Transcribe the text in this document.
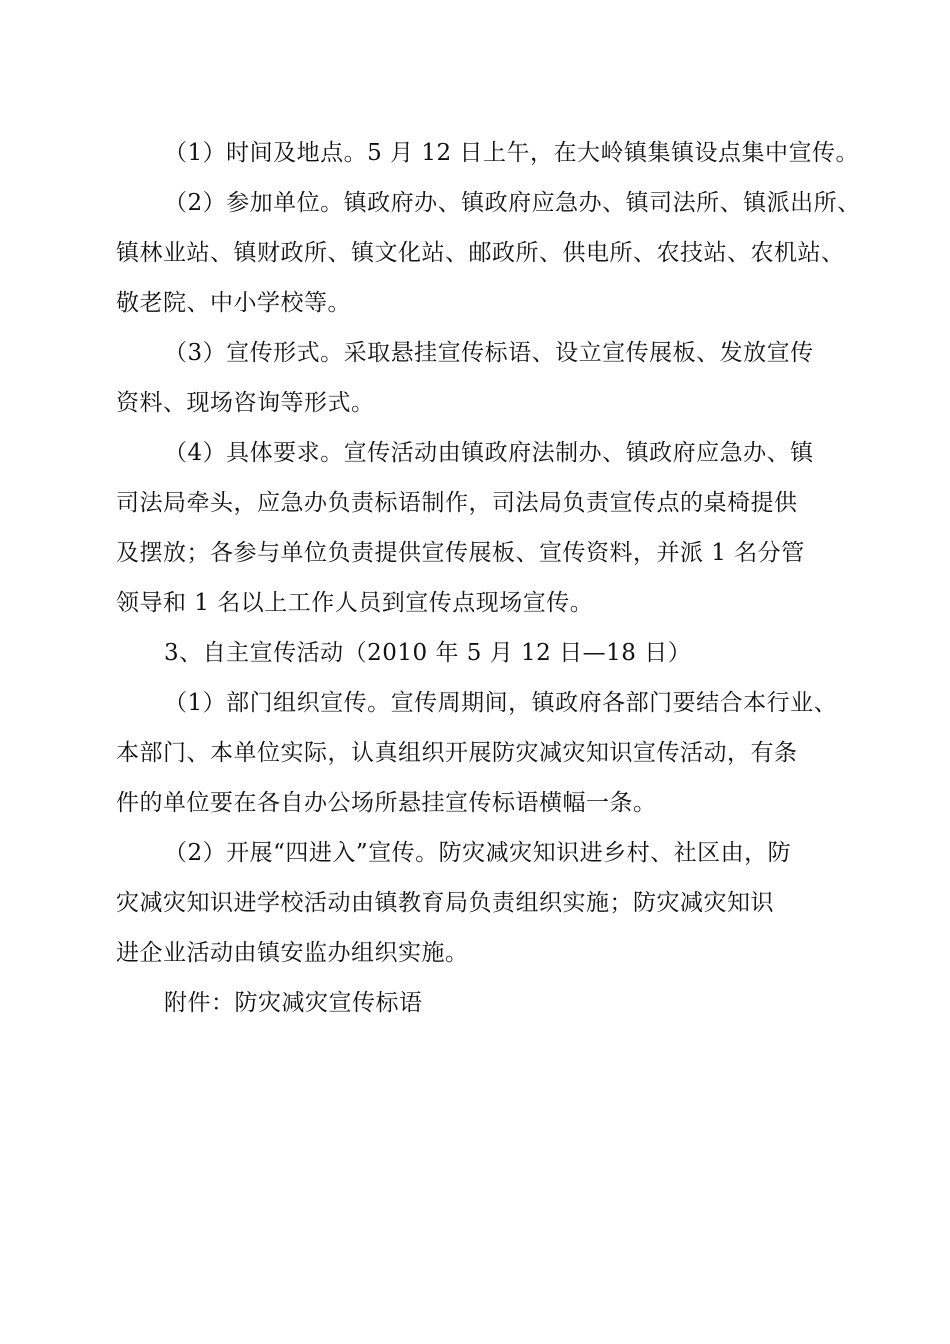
（1）时间及地点。5 月 12 日上午，在大岭镇集镇设点集中宣传。
（2）参加单位。镇政府办、镇政府应急办、镇司法所、镇派出所、
镇林业站、镇财政所、镇文化站、邮政所、供电所、农技站、农机站、
敬老院、中小学校等。
（3）宣传形式。采取悬挂宣传标语、设立宣传展板、发放宣传
资料、现场咨询等形式。
（4）具体要求。宣传活动由镇政府法制办、镇政府应急办、镇
司法局牵头，应急办负责标语制作，司法局负责宣传点的桌椅提供
及摆放；各参与单位负责提供宣传展板、宣传资料，并派 1 名分管
领导和 1 名以上工作人员到宣传点现场宣传。
3、自主宣传活动（2010 年 5 月 12 日—18 日）
（1）部门组织宣传。宣传周期间，镇政府各部门要结合本行业、
本部门、本单位实际，认真组织开展防灾减灾知识宣传活动，有条
件的单位要在各自办公场所悬挂宣传标语横幅一条。
（2）开展“四进入”宣传。防灾减灾知识进乡村、社区由，防
灾减灾知识进学校活动由镇教育局负责组织实施；防灾减灾知识
进企业活动由镇安监办组织实施。
附件：防灾减灾宣传标语
